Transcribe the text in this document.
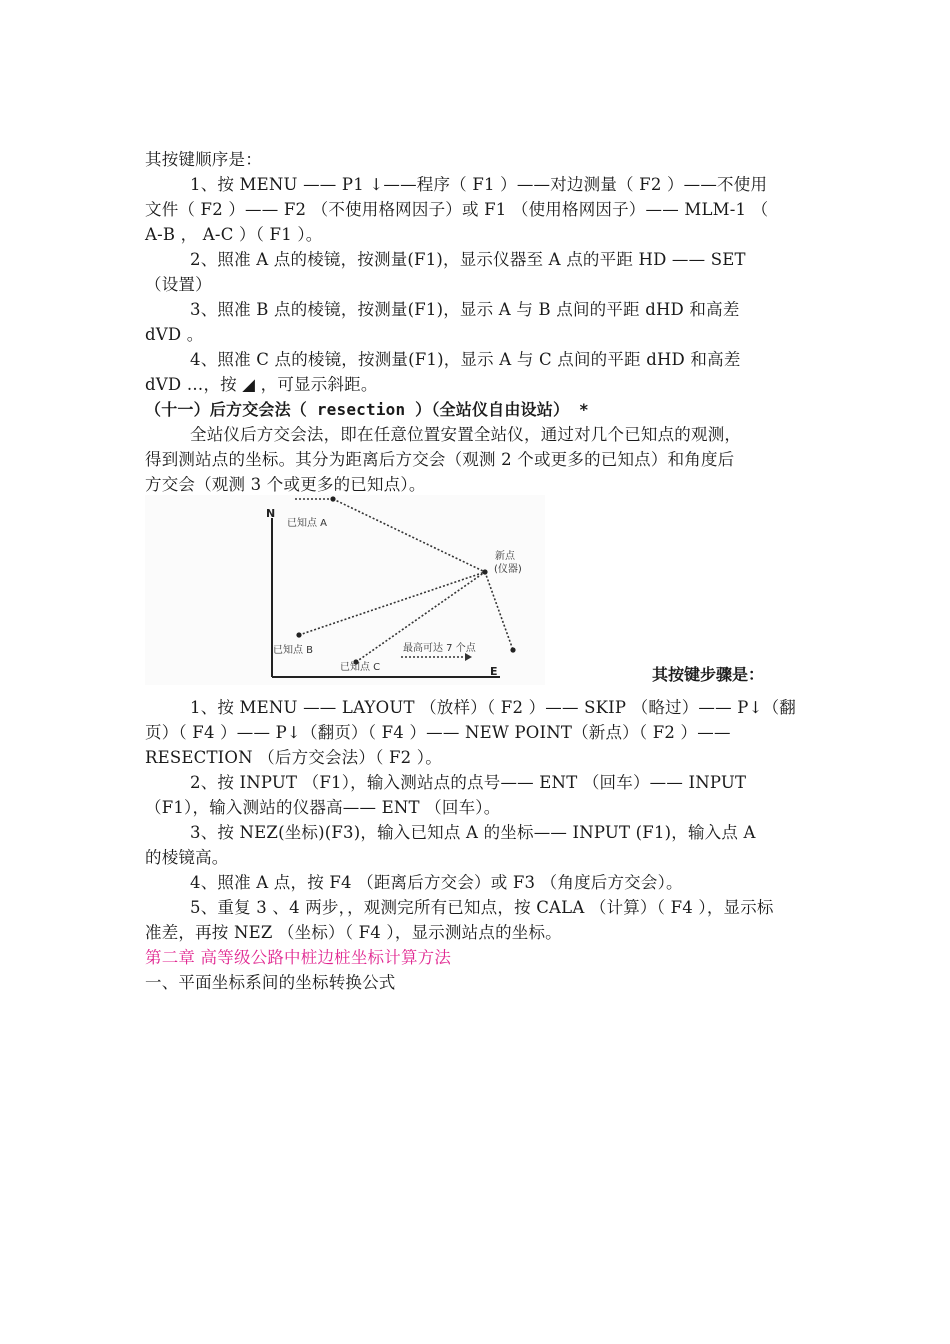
其按键顺序是：
1、按 MENU —— P1 ↓——程序（ F1 ）——对边测量（ F2 ）——不使用
文件（ F2 ）—— F2 （不使用格网因子）或 F1 （使用格网因子）—— MLM-1 （
A-B ， A-C ）（ F1 ）。
2、照准 A 点的棱镜，按测量(F1)，显示仪器至 A 点的平距 HD —— SET
（设置）
3、照准 B 点的棱镜，按测量(F1)，显示 A 与 B 点间的平距 dHD 和高差
dVD 。
4、照准 C 点的棱镜，按测量(F1)，显示 A 与 C 点间的平距 dHD 和高差
dVD …，按 ◢ ，可显示斜距。
（十一）后方交会法（ resection ）（全站仪自由设站） *
全站仪后方交会法，即在任意位置安置全站仪，通过对几个已知点的观测，
得到测站点的坐标。其分为距离后方交会（观测 2 个或更多的已知点）和角度后
方交会（观测 3 个或更多的已知点）。
N
E
已知点 A
已知点 B
已知点 C
新点
(仪器)
最高可达 7 个点
其按键步骤是：
1、按 MENU —— LAYOUT （放样）（ F2 ）—— SKIP （略过）—— P↓（翻
页）（ F4 ）—— P↓（翻页）（ F4 ）—— NEW POINT（新点）（ F2 ）——
RESECTION （后方交会法）（ F2 ）。
2、按 INPUT （F1），输入测站点的点号—— ENT （回车）—— INPUT
（F1），输入测站的仪器高—— ENT （回车）。
3、按 NEZ(坐标)(F3)，输入已知点 A 的坐标—— INPUT (F1)，输入点 A
的棱镜高。
4、照准 A 点，按 F4 （距离后方交会）或 F3 （角度后方交会）。
5、重复 3 、4 两步，，观测完所有已知点，按 CALA （计算）（ F4 ），显示标
准差，再按 NEZ （坐标）（ F4 ），显示测站点的坐标。
第二章 高等级公路中桩边桩坐标计算方法
一、平面坐标系间的坐标转换公式
